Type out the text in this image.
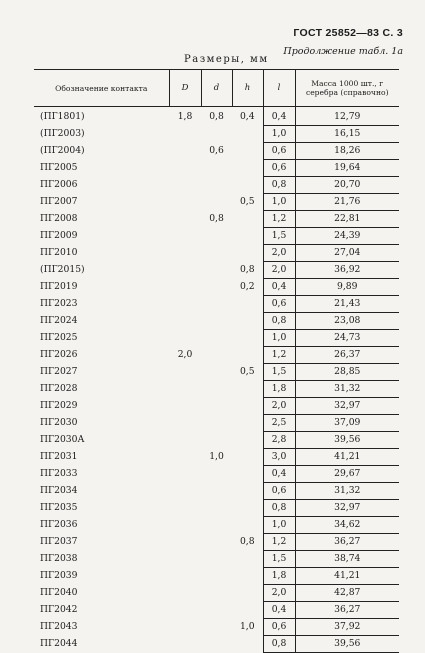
ГОСТ 25852—83 С. 3
Продолжение табл. 1а
Размеры, мм
Обозначение контакта	D	d	h	l	Масса 1000 шт., г серебра (справочно)
(ПГ1801)	1,8	0,8	0,4	0,4	12,79
(ПГ2003)				1,0	16,15
(ПГ2004)		0,6		0,6	18,26
ПГ2005				0,6	19,64
ПГ2006				0,8	20,70
ПГ2007			0,5	1,0	21,76
ПГ2008		0,8		1,2	22,81
ПГ2009				1,5	24,39
ПГ2010				2,0	27,04
(ПГ2015)			0,8	2,0	36,92
ПГ2019			0,2	0,4	9,89
ПГ2023				0,6	21,43
ПГ2024				0,8	23,08
ПГ2025				1,0	24,73
ПГ2026	2,0			1,2	26,37
ПГ2027			0,5	1,5	28,85
ПГ2028				1,8	31,32
ПГ2029				2,0	32,97
ПГ2030				2,5	37,09
ПГ2030А				2,8	39,56
ПГ2031		1,0		3,0	41,21
ПГ2033				0,4	29,67
ПГ2034				0,6	31,32
ПГ2035				0,8	32,97
ПГ2036				1,0	34,62
ПГ2037			0,8	1,2	36,27
ПГ2038				1,5	38,74
ПГ2039				1,8	41,21
ПГ2040				2,0	42,87
ПГ2042				0,4	36,27
ПГ2043			1,0	0,6	37,92
ПГ2044				0,8	39,56
